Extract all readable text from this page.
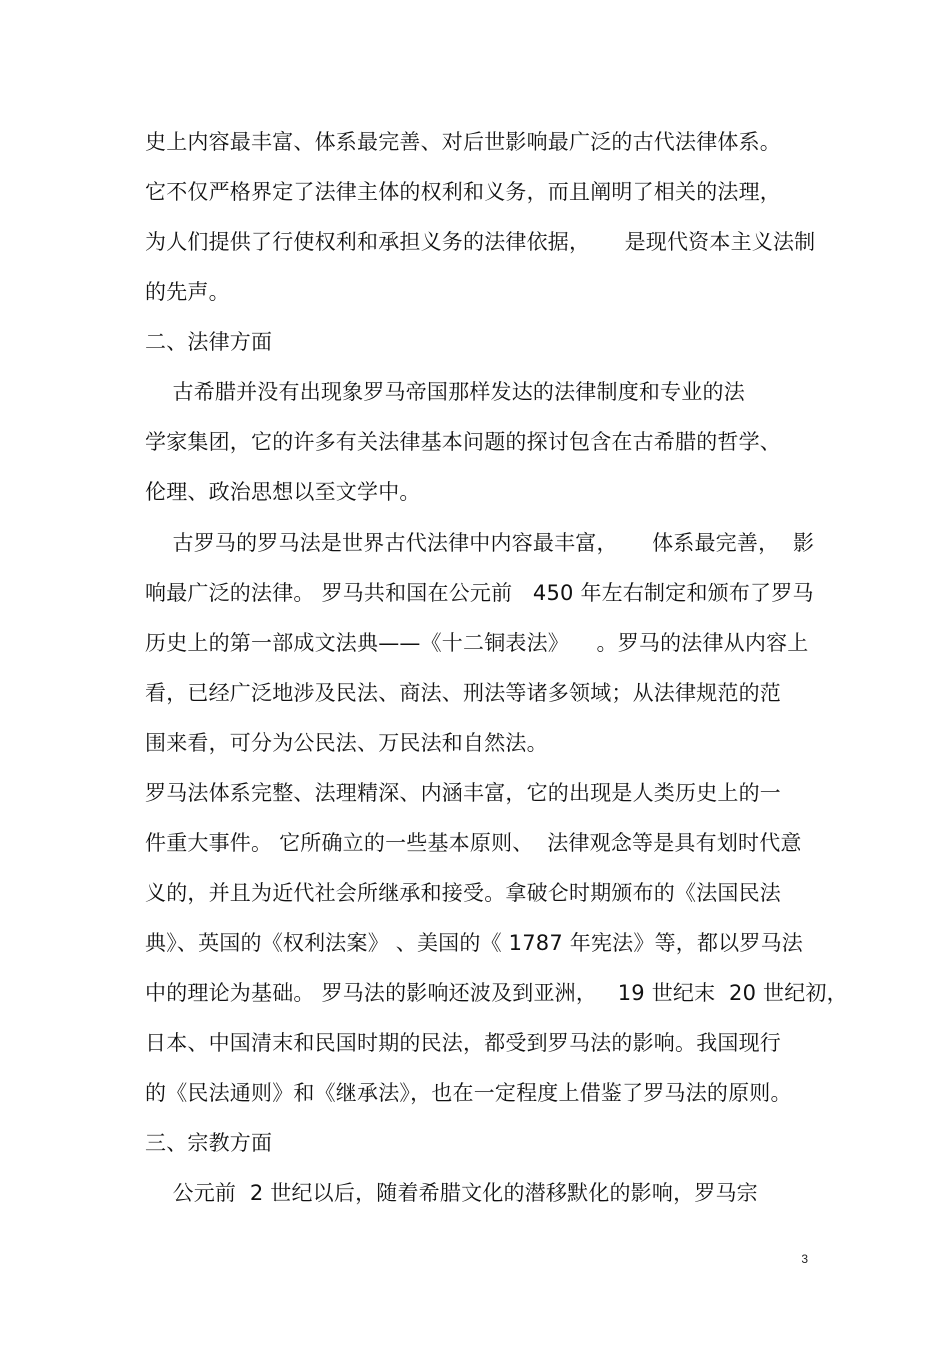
史上内容最丰富、体系最完善、对后世影响最广泛的古代法律体系。
它不仅严格界定了法律主体的权利和义务，而且阐明了相关的法理，
为人们提供了行使权利和承担义务的法律依据，     是现代资本主义法制
的先声。
二、法律方面
古希腊并没有出现象罗马帝国那样发达的法律制度和专业的法
学家集团，它的许多有关法律基本问题的探讨包含在古希腊的哲学、
伦理、政治思想以至文学中。
古罗马的罗马法是世界古代法律中内容最丰富，     体系最完善，  影
响最广泛的法律。 罗马共和国在公元前   450 年左右制定和颁布了罗马
历史上的第一部成文法典——《十二铜表法》    。罗马的法律从内容上
看，已经广泛地涉及民法、商法、刑法等诸多领域；从法律规范的范
围来看，可分为公民法、万民法和自然法。
罗马法体系完整、法理精深、内涵丰富，它的出现是人类历史上的一
件重大事件。 它所确立的一些基本原则、  法律观念等是具有划时代意
义的，并且为近代社会所继承和接受。拿破仑时期颁布的《法国民法
典》、英国的《权利法案》 、美国的《 1787 年宪法》等，都以罗马法
中的理论为基础。 罗马法的影响还波及到亚洲，   19 世纪末  20 世纪初，
日本、中国清末和民国时期的民法，都受到罗马法的影响。我国现行
的《民法通则》和《继承法》，也在一定程度上借鉴了罗马法的原则。
三、宗教方面
公元前  2 世纪以后，随着希腊文化的潜移默化的影响，罗马宗
3
